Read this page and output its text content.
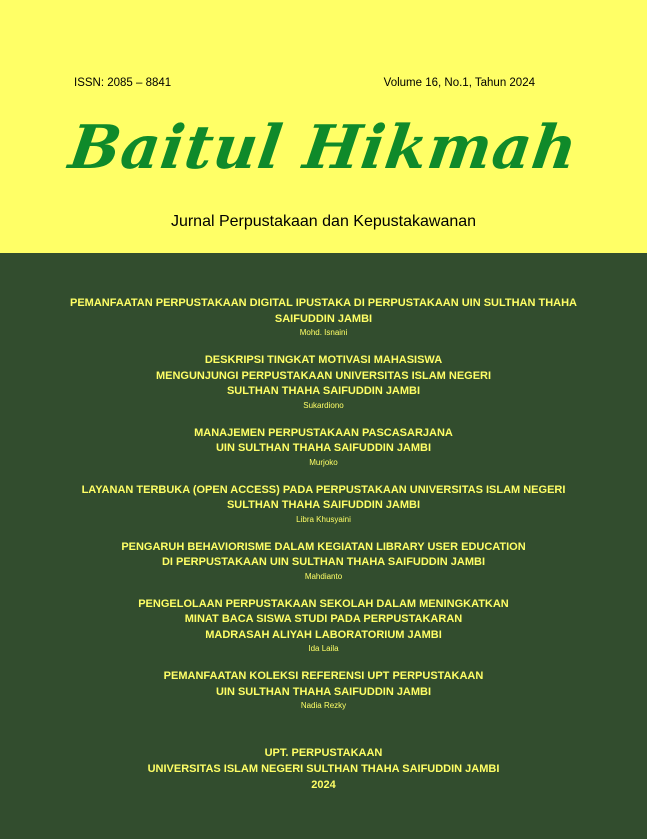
ISSN: 2085 – 8841	Volume 16, No.1, Tahun 2024
Baitul Hikmah
Jurnal Perpustakaan dan Kepustakawanan
PEMANFAATAN PERPUSTAKAAN DIGITAL IPUSTAKA DI PERPUSTAKAAN UIN SULTHAN THAHA
SAIFUDDIN JAMBI
Mohd. Isnaini
DESKRIPSI TINGKAT MOTIVASI MAHASISWA
MENGUNJUNGI PERPUSTAKAAN UNIVERSITAS ISLAM NEGERI
SULTHAN THAHA SAIFUDDIN JAMBI
Sukardiono
MANAJEMEN PERPUSTAKAAN PASCASARJANA
UIN SULTHAN THAHA SAIFUDDIN JAMBI
Murjoko
LAYANAN TERBUKA (OPEN ACCESS) PADA PERPUSTAKAAN UNIVERSITAS ISLAM NEGERI
SULTHAN THAHA SAIFUDDIN JAMBI
Libra Khusyaini
PENGARUH BEHAVIORISME DALAM KEGIATAN LIBRARY USER EDUCATION
DI PERPUSTAKAAN UIN SULTHAN THAHA SAIFUDDIN JAMBI
Mahdianto
PENGELOLAAN PERPUSTAKAAN SEKOLAH DALAM MENINGKATKAN
MINAT BACA SISWA STUDI PADA PERPUSTAKARAN
MADRASAH ALIYAH LABORATORIUM JAMBI
Ida Laila
PEMANFAATAN KOLEKSI REFERENSI UPT PERPUSTAKAAN
UIN SULTHAN THAHA SAIFUDDIN JAMBI
Nadia Rezky
UPT. PERPUSTAKAAN
UNIVERSITAS ISLAM NEGERI SULTHAN THAHA SAIFUDDIN JAMBI
2024
